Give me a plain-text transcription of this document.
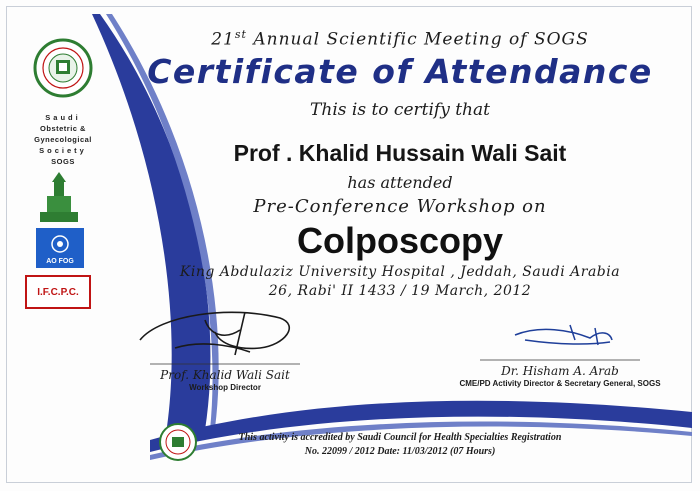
21st Annual Scientific Meeting of SOGS
Certificate of Attendance
This is to certify that
Prof . Khalid Hussain Wali Sait
has attended
Pre-Conference Workshop on
Colposcopy
King Abdulaziz University Hospital , Jeddah, Saudi Arabia
26, Rabi' II 1433 / 19 March, 2012
Saudi
Obstetric &
Gynecological
Society
SOGS
AO FOG
I.F.C.P.C.
Prof. Khalid Wali Sait
Workshop Director
Dr. Hisham A. Arab
CME/PD Activity Director & Secretary General, SOGS
This activity is accredited by Saudi Council for Health Specialties Registration
No. 22099 / 2012 Date: 11/03/2012 (07 Hours)
